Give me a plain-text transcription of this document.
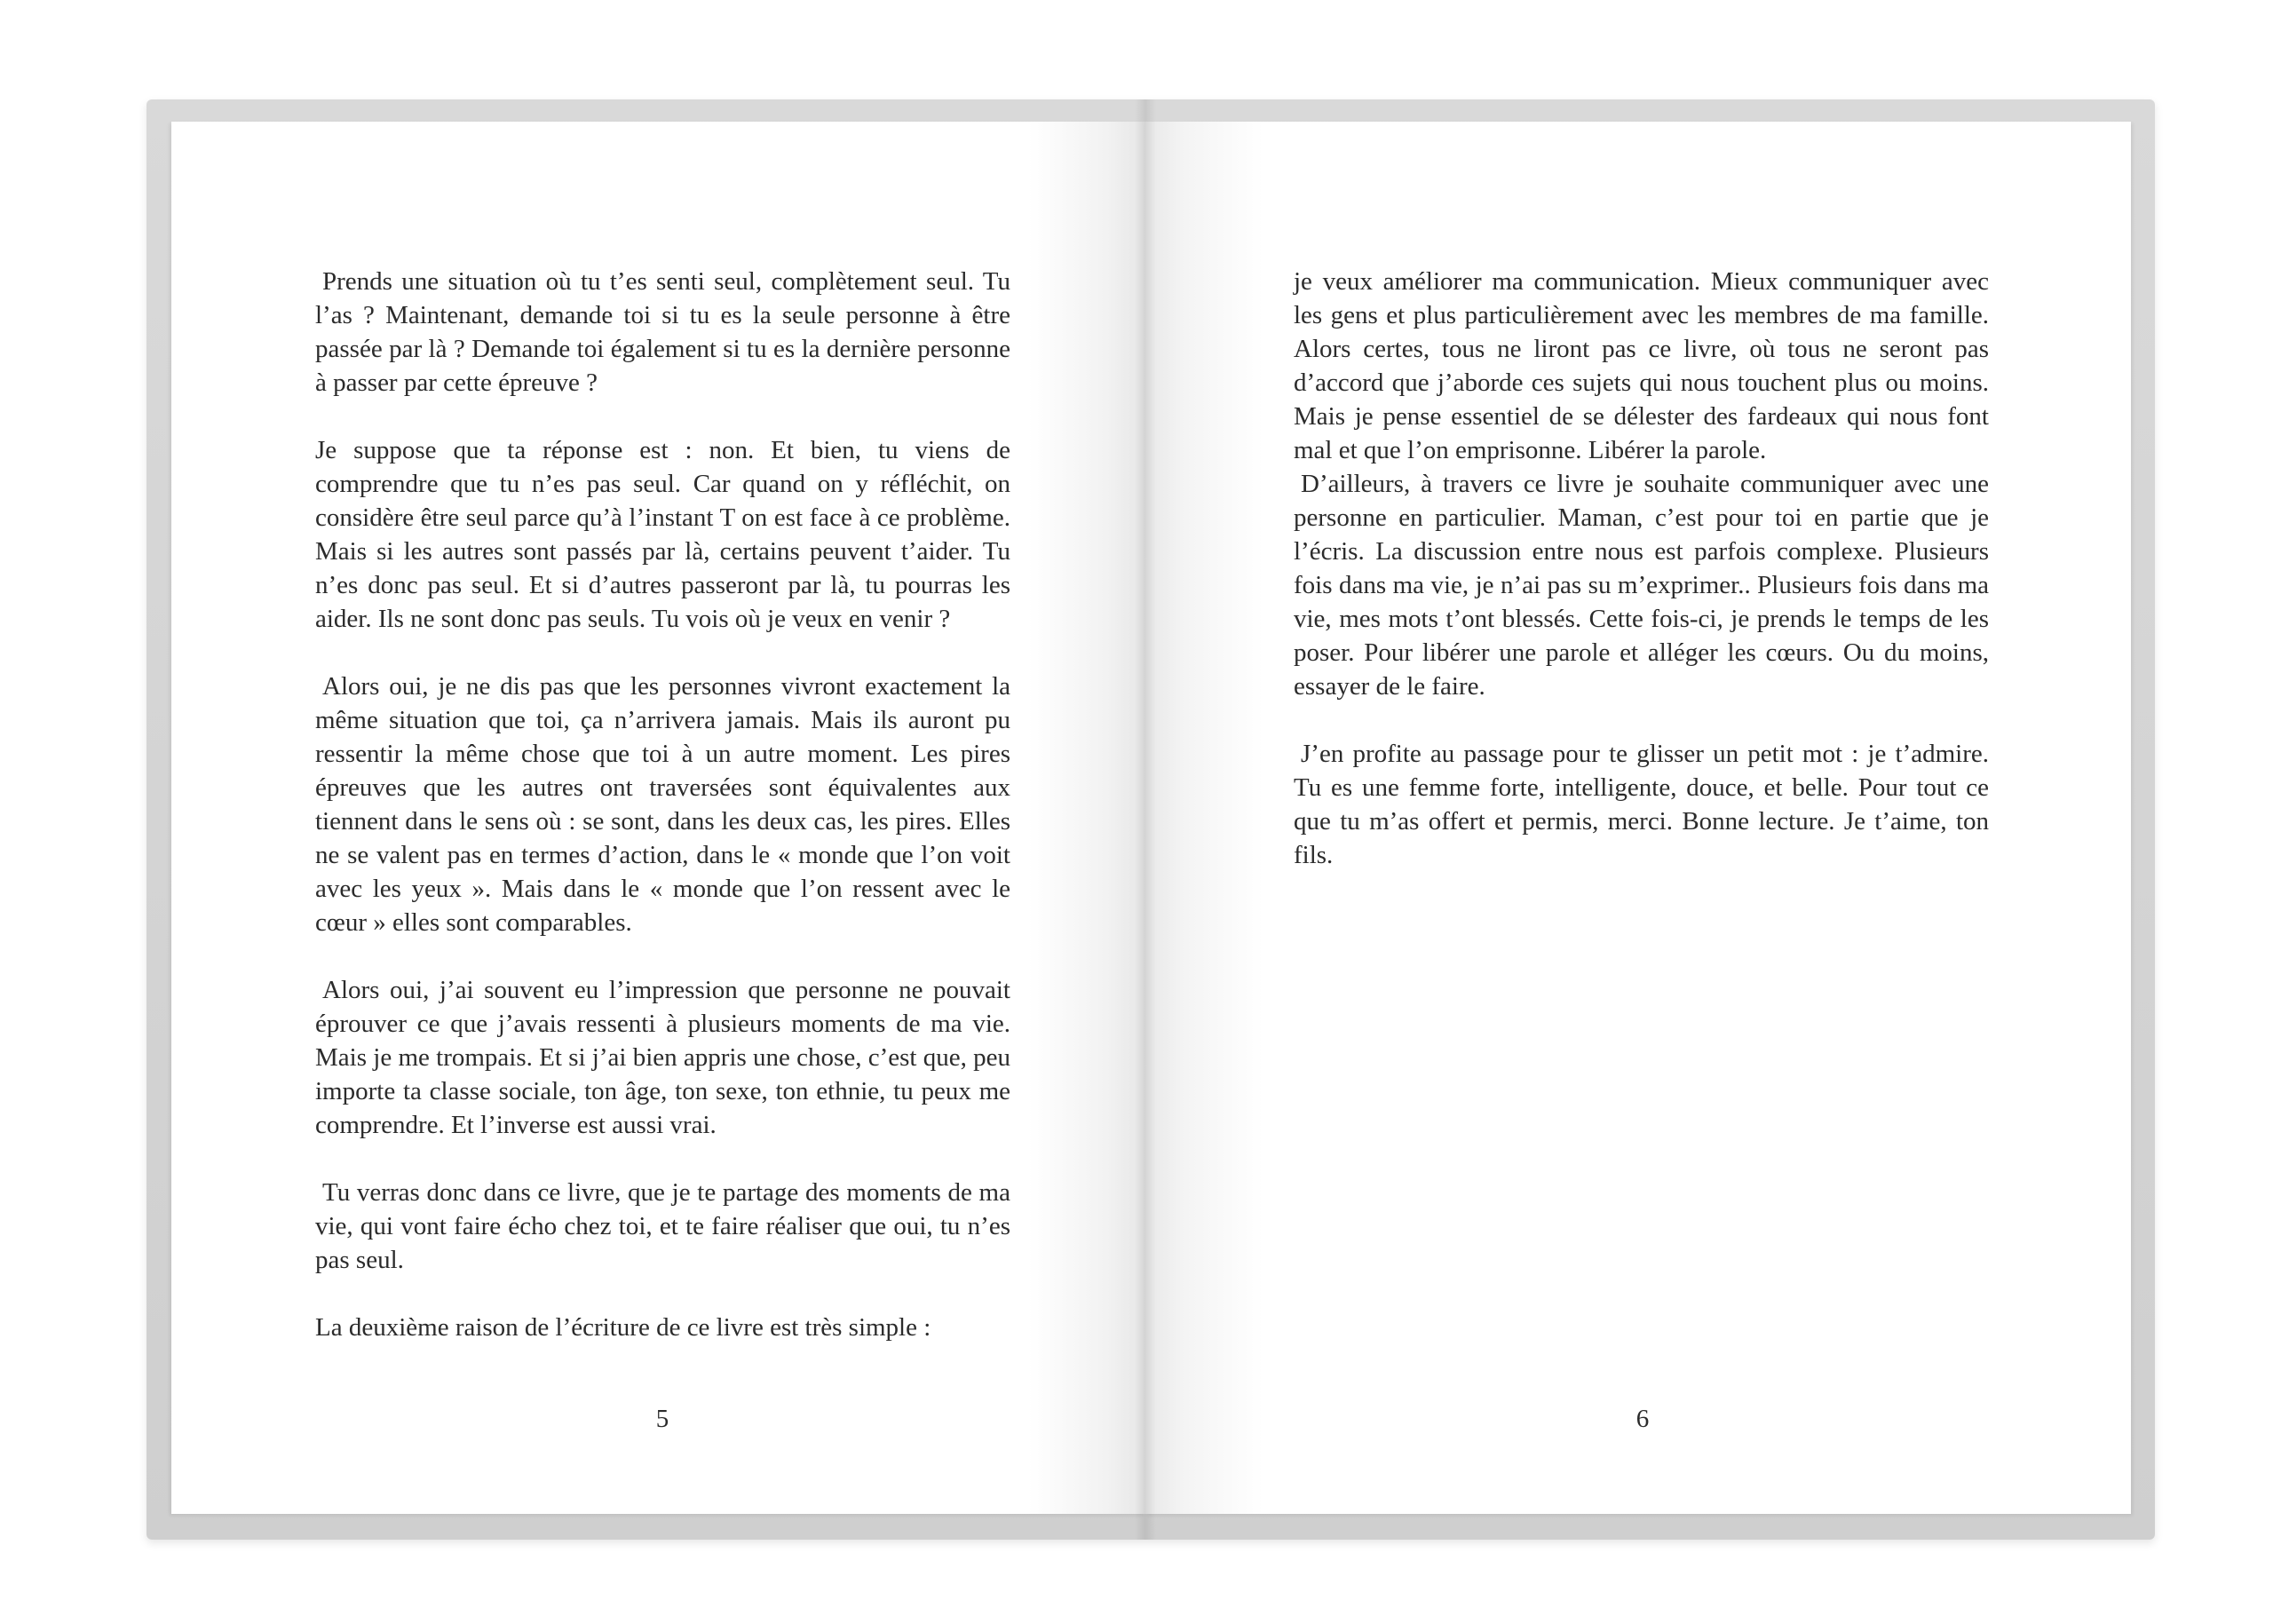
Prends une situation où tu t’es senti seul, complètement seul. Tu l’as ? Maintenant, demande toi si tu es la seule personne à être passée par là ? Demande toi également si tu es la dernière personne à passer par cette épreuve ?

Je suppose que ta réponse est : non. Et bien, tu viens de comprendre que tu n’es pas seul. Car quand on y réfléchit, on considère être seul parce qu’à l’instant T on est face à ce problème. Mais si les autres sont passés par là, certains peuvent t’aider. Tu n’es donc pas seul. Et si d’autres passeront par là, tu pourras les aider. Ils ne sont donc pas seuls. Tu vois où je veux en venir ?

Alors oui, je ne dis pas que les personnes vivront exactement la même situation que toi, ça n’arrivera jamais. Mais ils auront pu ressentir la même chose que toi à un autre moment. Les pires épreuves que les autres ont traversées sont équivalentes aux tiennent dans le sens où : se sont, dans les deux cas, les pires. Elles ne se valent pas en termes d’action, dans le « monde que l’on voit avec les yeux ». Mais dans le « monde que l’on ressent avec le cœur » elles sont comparables.

Alors oui, j’ai souvent eu l’impression que personne ne pouvait éprouver ce que j’avais ressenti à plusieurs moments de ma vie. Mais je me trompais. Et si j’ai bien appris une chose, c’est que, peu importe ta classe sociale, ton âge, ton sexe, ton ethnie, tu peux me comprendre. Et l’inverse est aussi vrai.

Tu verras donc dans ce livre, que je te partage des moments de ma vie, qui vont faire écho chez toi, et te faire réaliser que oui, tu n’es pas seul.

La deuxième raison de l’écriture de ce livre est très simple :

je veux améliorer ma communication. Mieux communiquer avec les gens et plus particulièrement avec les membres de ma famille. Alors certes, tous ne liront pas ce livre, où tous ne seront pas d’accord que j’aborde ces sujets qui nous touchent plus ou moins. Mais je pense essentiel de se délester des fardeaux qui nous font mal et que l’on emprisonne. Libérer la parole.

D’ailleurs, à travers ce livre je souhaite communiquer avec une personne en particulier. Maman, c’est pour toi en partie que je l’écris. La discussion entre nous est parfois complexe. Plusieurs fois dans ma vie, je n’ai pas su m’exprimer.. Plusieurs fois dans ma vie, mes mots t’ont blessés. Cette fois-ci, je prends le temps de les poser. Pour libérer une parole et alléger les cœurs. Ou du moins, essayer de le faire.

J’en profite au passage pour te glisser un petit mot : je t’admire. Tu es une femme forte, intelligente, douce, et belle. Pour tout ce que tu m’as offert et permis, merci. Bonne lecture. Je t’aime, ton fils.

5	6
